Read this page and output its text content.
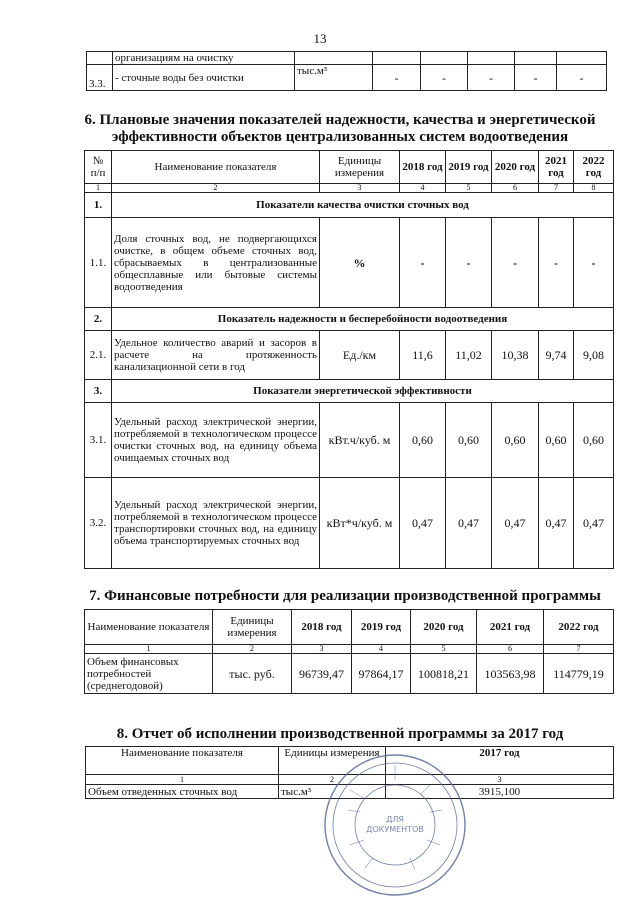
13
	организациям на очистку						
3.3.	- сточные воды без очистки	тыс.м³	-	-	-	-	-
6. Плановые значения показателей надежности, качества и энергетической
эффективности объектов централизованных систем водоотведения
№ п/п	Наименование показателя	Единицы измерения	2018 год	2019 год	2020 год	2021 год	2022 год
1	2	3	4	5	6	7	8
1.	Показатели качества очистки сточных вод						
1.1.	Доля сточных вод, не подвергающихся очистке, в общем объеме сточных вод, сбрасываемых в централизованные общесплавные или бытовые системы водоотведения	%	-	-	-	-	-
2.	Показатель надежности и бесперебойности водоотведения						
2.1.	Удельное количество аварий и засоров в расчете на протяженность канализационной сети в год	Ед./км	11,6	11,02	10,38	9,74	9,08
3.	Показатели энергетической эффективности						
3.1.	Удельный расход электрической энергии, потребляемой в технологическом процессе очистки сточных вод, на единицу объема очищаемых сточных вод	кВт.ч/куб. м	0,60	0,60	0,60	0,60	0,60
3.2.	Удельный расход электрической энергии, потребляемой в технологическом процессе транспортировки сточных вод, на единицу объема транспортируемых сточных вод	кВт*ч/куб. м	0,47	0,47	0,47	0,47	0,47
7. Финансовые потребности для реализации производственной программы
Наименование показателя	Единицы измерения	2018 год	2019 год	2020 год	2021 год	2022 год
1	2	3	4	5	6	7
Объем финансовых потребностей (среднегодовой)	тыс. руб.	96739,47	97864,17	100818,21	103563,98	114779,19
8. Отчет об исполнении производственной программы за 2017 год
Наименование показателя	Единицы измерения	2017 год
1	2	3
Объем отведенных сточных вод	тыс.м³	3915,100
ДЛЯ
ДОКУМЕНТОВ
